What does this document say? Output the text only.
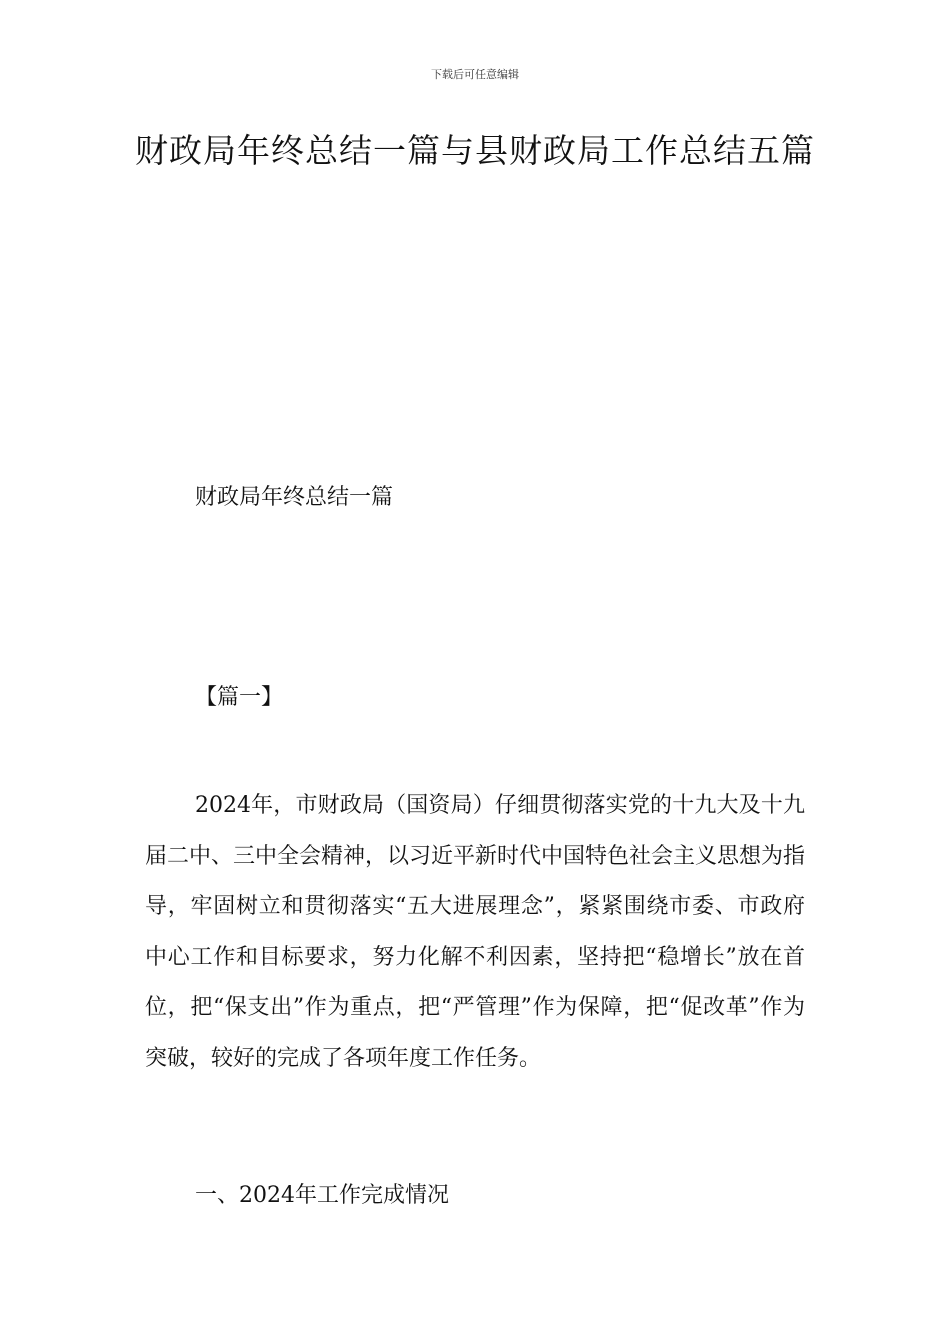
下载后可任意编辑
财政局年终总结一篇与县财政局工作总结五篇
财政局年终总结一篇
【篇一】
2024年，市财政局（国资局）仔细贯彻落实党的十九大及十九届二中、三中全会精神，以习近平新时代中国特色社会主义思想为指导，牢固树立和贯彻落实“五大进展理念”，紧紧围绕市委、市政府中心工作和目标要求，努力化解不利因素，坚持把“稳增长”放在首位，把“保支出”作为重点，把“严管理”作为保障，把“促改革”作为突破，较好的完成了各项年度工作任务。
一、2024年工作完成情况
